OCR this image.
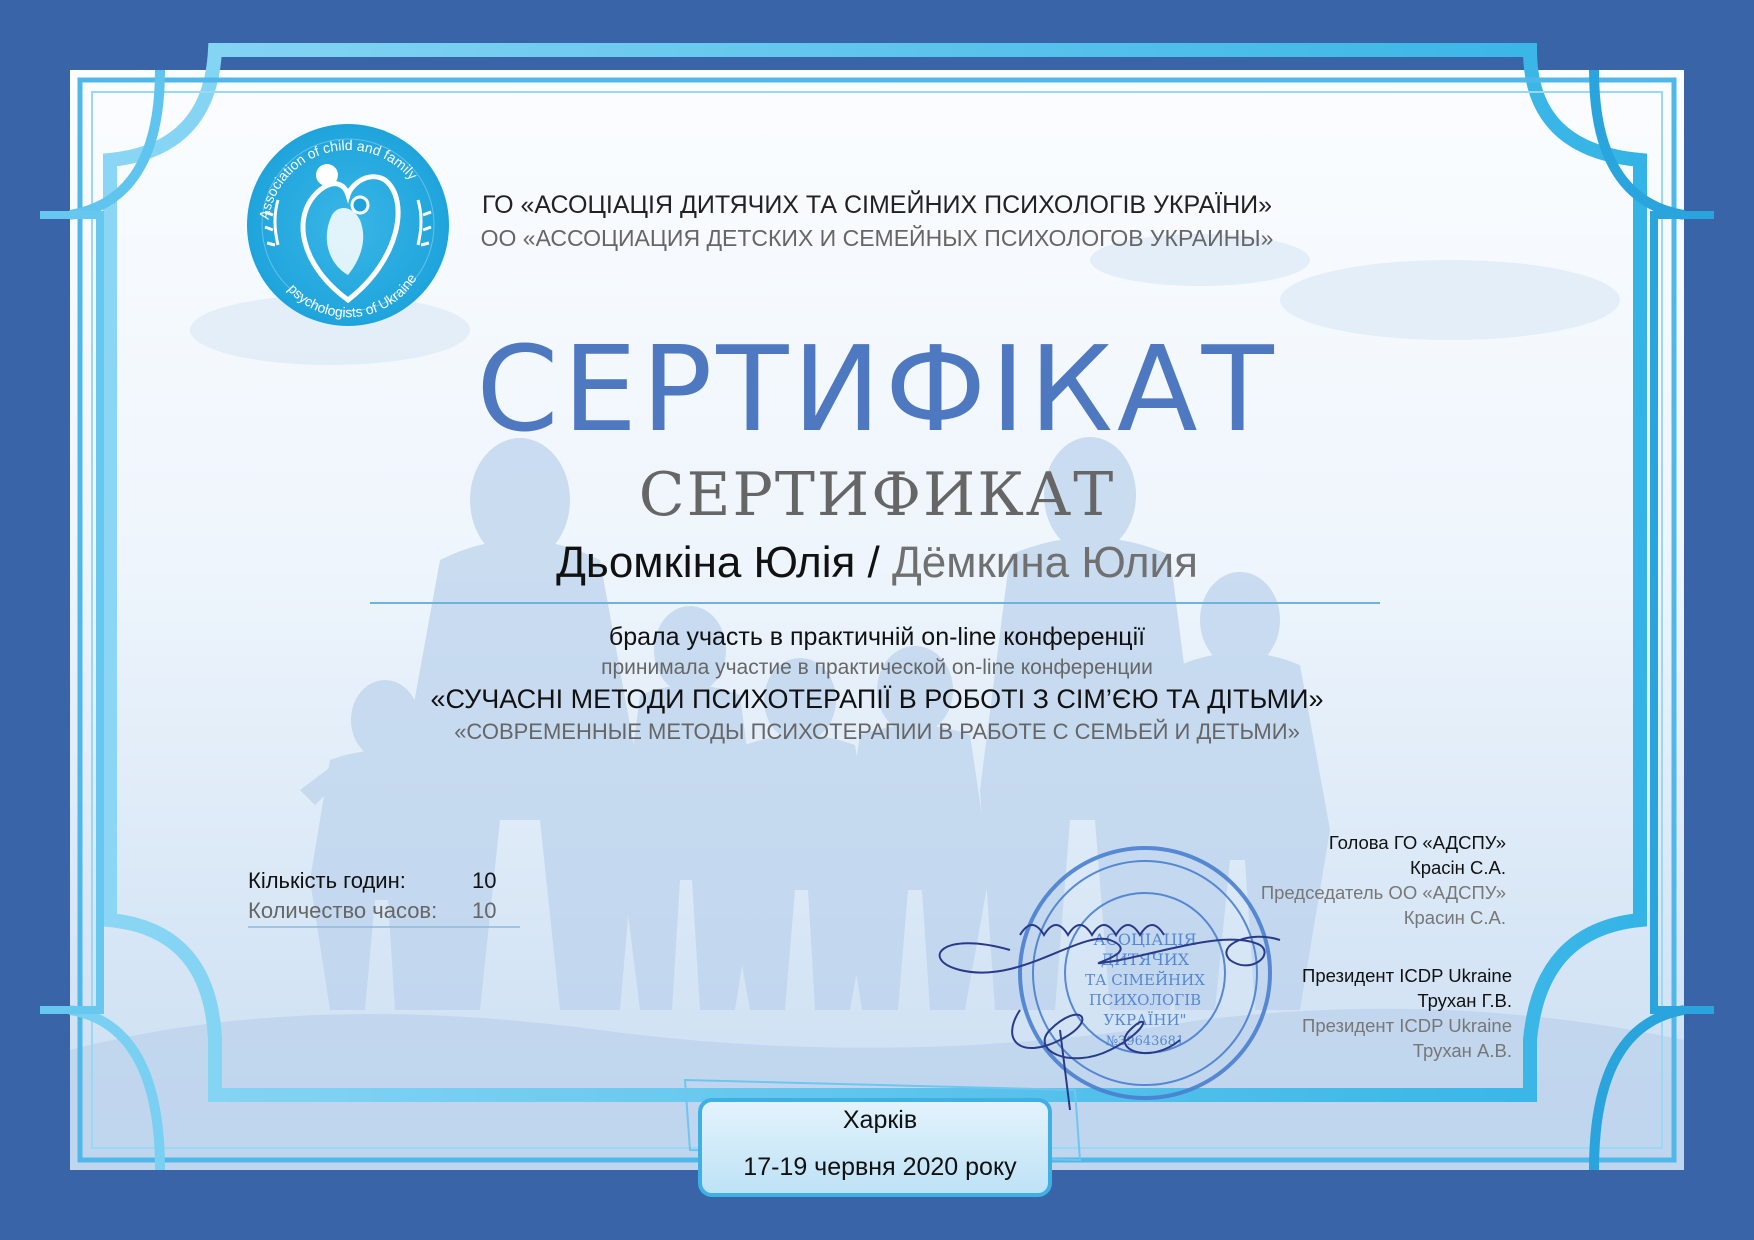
Association of child and family
psychologists of Ukraine
АСОЦІАЦІЯ
ДИТЯЧИХ
ТА СІМЕЙНИХ
ПСИХОЛОГІВ
УКРАЇНИ"
№39643681
ГО «АСОЦІАЦІЯ ДИТЯЧИХ ТА СІМЕЙНИХ ПСИХОЛОГІВ УКРАЇНИ»
ОО «АССОЦИАЦИЯ ДЕТСКИХ И СЕМЕЙНЫХ ПСИХОЛОГОВ УКРАИНЫ»
СЕРТИФІКАТ
СЕРТИФИКАТ
Дьомкіна Юлія / Дёмкина Юлия
брала участь в практичній on-line конференції
принимала участие в практической on-line конференции
«СУЧАСНІ МЕТОДИ ПСИХОТЕРАПІЇ В РОБОТІ З СІМ’ЄЮ ТА ДІТЬМИ»
«СОВРЕМЕННЫЕ МЕТОДЫ ПСИХОТЕРАПИИ В РАБОТЕ С СЕМЬЕЙ И ДЕТЬМИ»
Кількість годин:	10
Количество часов: 10
Голова ГО «АДСПУ»
Красін С.А.
Председатель ОО «АДСПУ»
Красин С.А.
Президент ICDP Ukraine
Трухан Г.В.
Президент ICDP Ukraine
Трухан А.В.
Харків
17-19 червня 2020 року
